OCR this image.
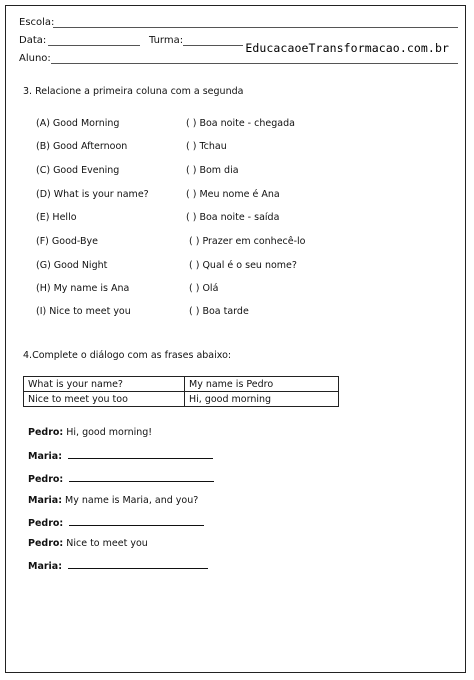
Escola:
Data:	Turma:
EducacaoeTransformacao.com.br
Aluno:
3. Relacione a primeira coluna com a segunda
(A) Good Morning	( ) Boa noite - chegada
(B) Good Afternoon	( ) Tchau
(C) Good Evening	( ) Bom dia
(D) What is your name?	( ) Meu nome é Ana
(E) Hello	( ) Boa noite - saída
(F) Good-Bye	( ) Prazer em conhecê-lo
(G) Good Night	( ) Qual é o seu nome?
(H) My name is Ana	( ) Olá
(I) Nice to meet you	( ) Boa tarde
4.Complete o diálogo com as frases abaixo:
What is your name?	My name is Pedro
Nice to meet you too	Hi, good morning
Pedro: Hi, good morning!
Maria:
Pedro:
Maria: My name is Maria, and you?
Pedro:
Pedro: Nice to meet you
Maria:
